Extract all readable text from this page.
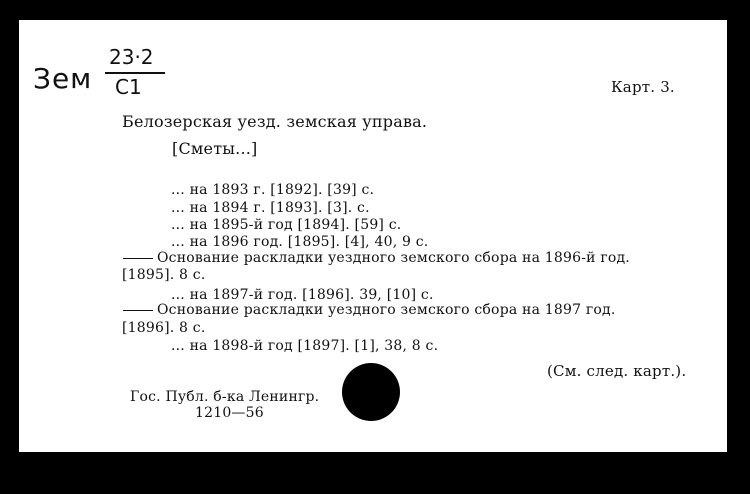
Зем
23·2
C1	Карт. 3.
Белозерская уезд. земская управа.
[Сметы...]
... на 1893 г. [1892]. [39] c.
... на 1894 г. [1893]. [3]. c.
... на 1895-й год [1894]. [59] c.
... на 1896 год. [1895]. [4], 40, 9 c.
Основание раскладки уездного земского сбора на 1896-й год.
[1895]. 8 c.
... на 1897-й год. [1896]. 39, [10] c.
Основание раскладки уездного земского сбора на 1897 год.
[1896]. 8 c.
... на 1898-й год [1897]. [1], 38, 8 c.
(См. след. карт.).
Гос. Публ. б-ка Ленингр.
1210—56
